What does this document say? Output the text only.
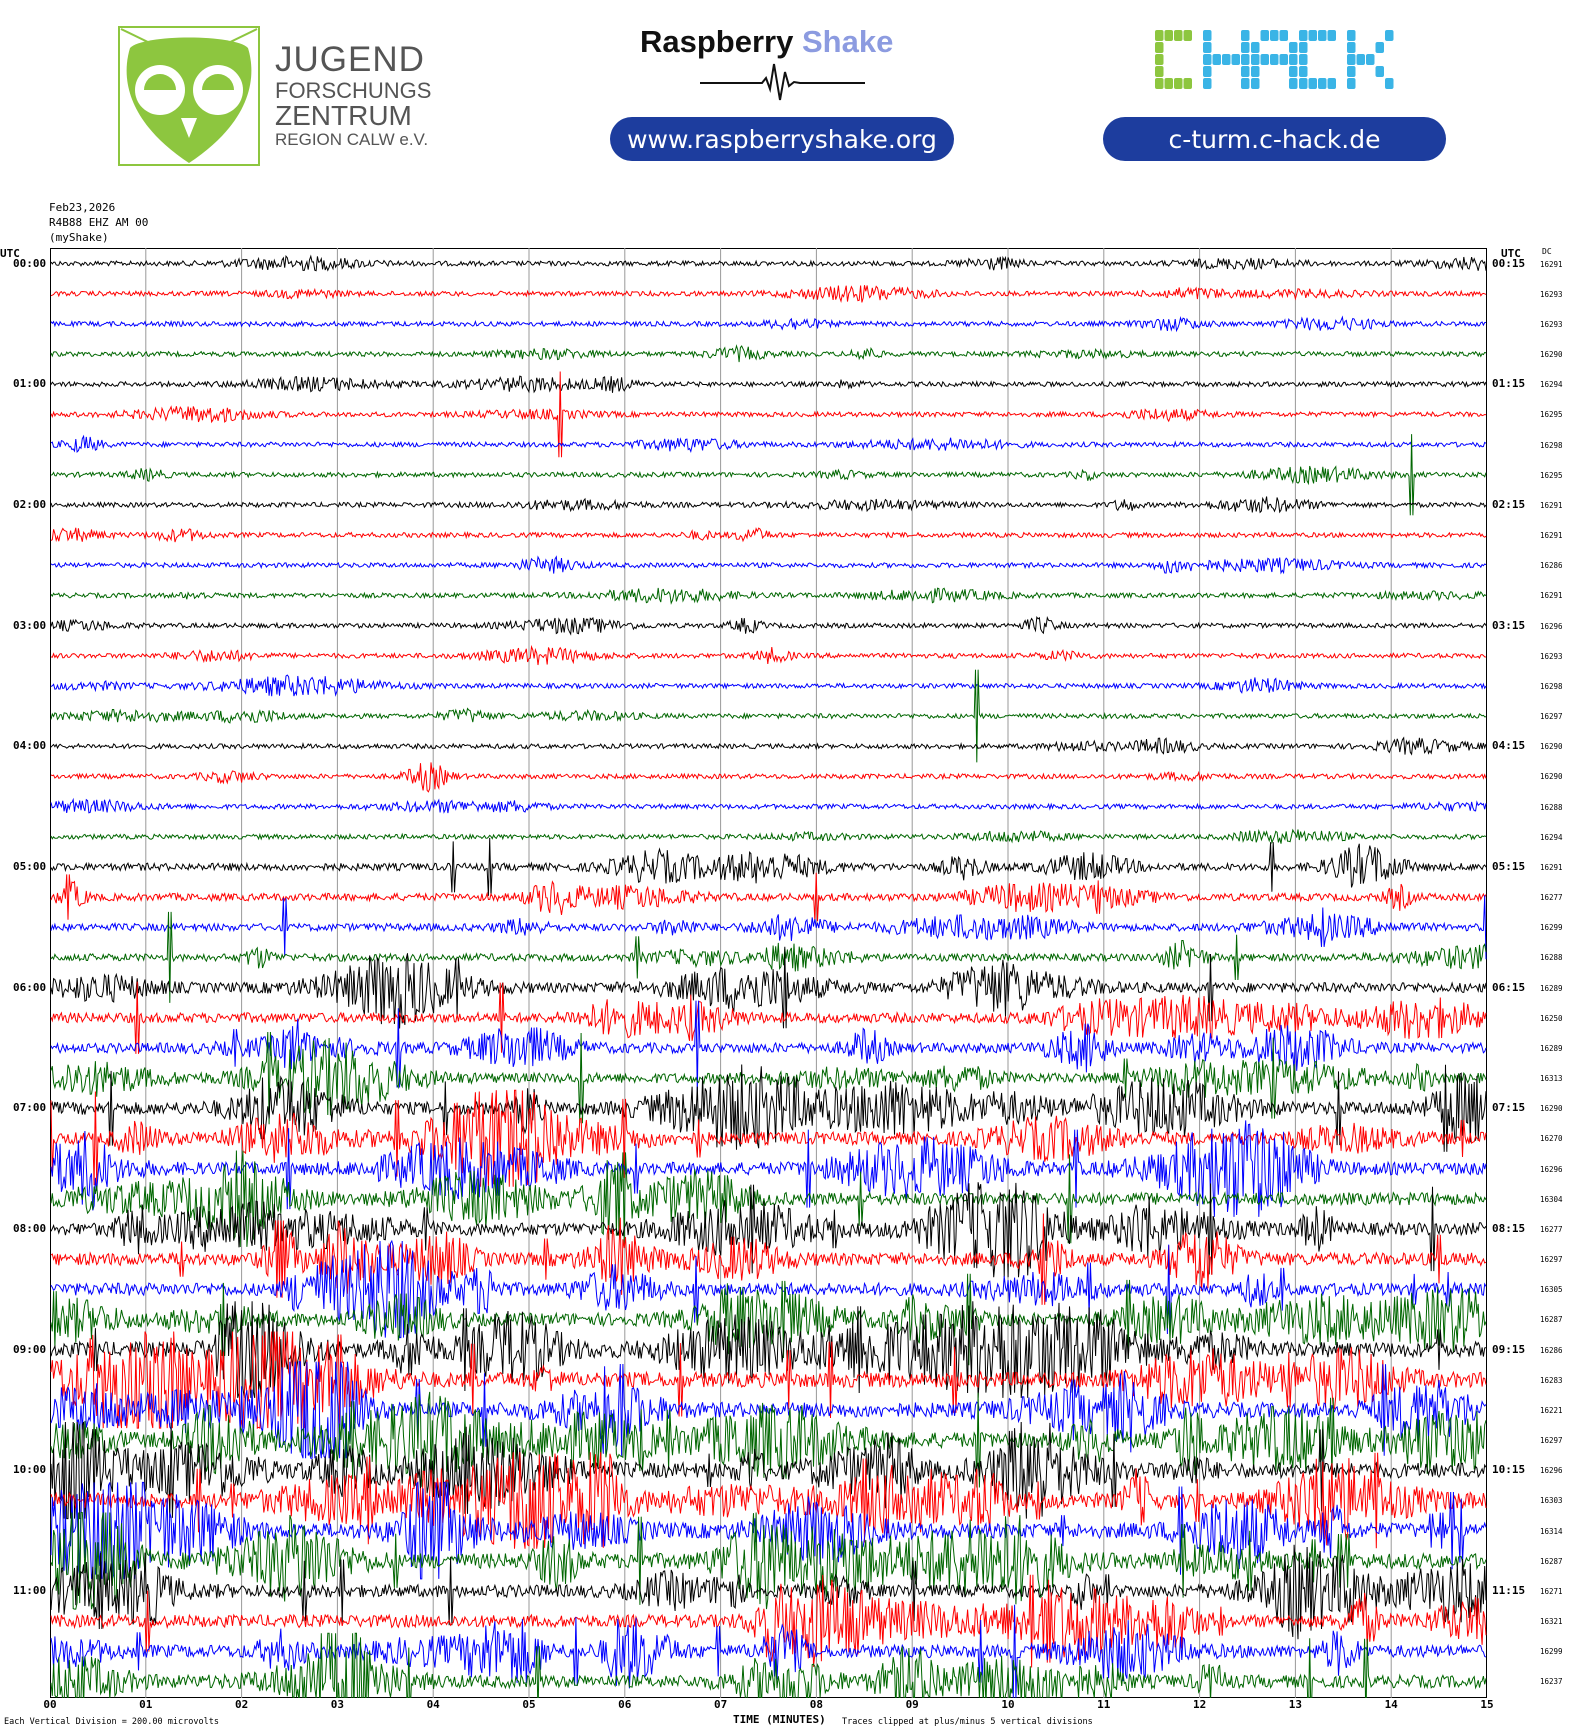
JUGEND
FORSCHUNGS
ZENTRUM
REGION CALW e.V.
Raspberry Shake
www.raspberryshake.org	c-turm.c-hack.de
Feb23,2026
R4B88 EHZ AM 00
(myShake)
UTC	UTC	DC
00:00	00:15
01:00	01:15
02:00	02:15
03:00	03:15
04:00	04:15
05:00	05:15
06:00	06:15
07:00	07:15
08:00	08:15
09:00	09:15
10:00	10:15
11:00	11:15
16291
16293
16293
16290
16294
16295
16298
16295
16291
16291
16286
16291
16296
16293
16298
16297
16290
16290
16288
16294
16291
16277
16299
16288
16289
16250
16289
16313
16290
16270
16296
16304
16277
16297
16305
16287
16286
16283
16221
16297
16296
16303
16314
16287
16271
16321
16299
16237
00	01	02	03	04	05	06	07	08	09	10	11	12	13	14	15
Each Vertical Division = 200.00 microvolts	TIME (MINUTES) Traces clipped at plus/minus 5 vertical divisions
